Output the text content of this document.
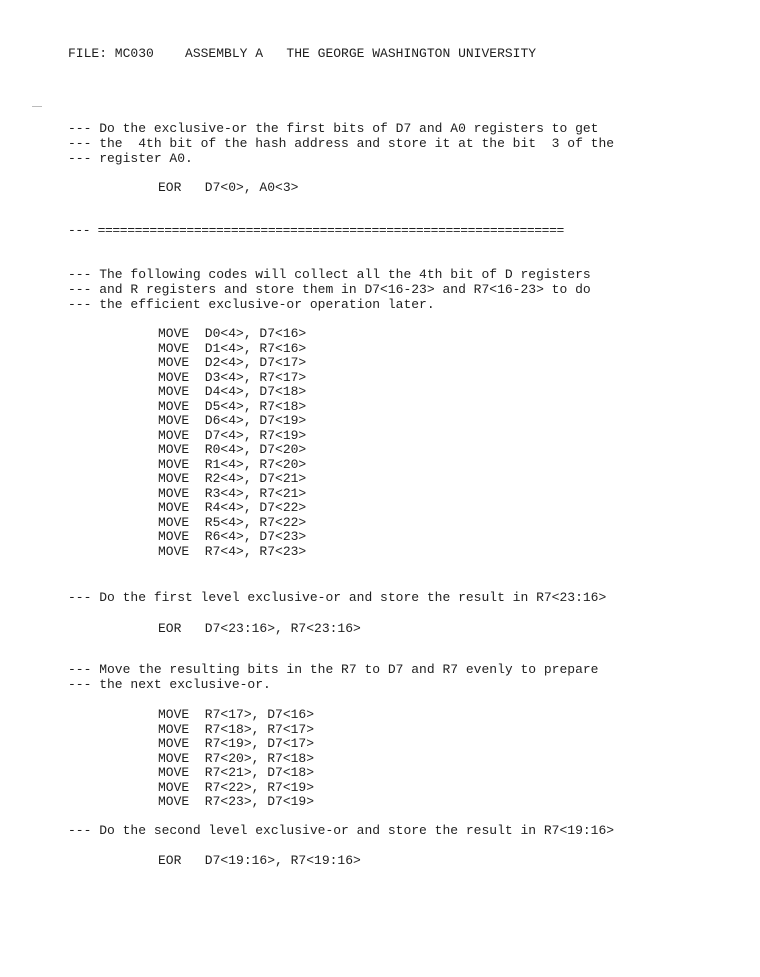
FILE: MC030    ASSEMBLY A   THE GEORGE WASHINGTON UNIVERSITY
--- Do the exclusive-or the first bits of D7 and A0 registers to get
--- the  4th bit of the hash address and store it at the bit  3 of the
--- register A0.
EOR   D7<0>, A0<3>
--- ===============================================================
--- The following codes will collect all the 4th bit of D registers
--- and R registers and store them in D7<16-23> and R7<16-23> to do
--- the efficient exclusive-or operation later.
MOVE  D0<4>, D7<16>
MOVE  D1<4>, R7<16>
MOVE  D2<4>, D7<17>
MOVE  D3<4>, R7<17>
MOVE  D4<4>, D7<18>
MOVE  D5<4>, R7<18>
MOVE  D6<4>, D7<19>
MOVE  D7<4>, R7<19>
MOVE  R0<4>, D7<20>
MOVE  R1<4>, R7<20>
MOVE  R2<4>, D7<21>
MOVE  R3<4>, R7<21>
MOVE  R4<4>, D7<22>
MOVE  R5<4>, R7<22>
MOVE  R6<4>, D7<23>
MOVE  R7<4>, R7<23>
--- Do the first level exclusive-or and store the result in R7<23:16>
EOR   D7<23:16>, R7<23:16>
--- Move the resulting bits in the R7 to D7 and R7 evenly to prepare
--- the next exclusive-or.
MOVE  R7<17>, D7<16>
MOVE  R7<18>, R7<17>
MOVE  R7<19>, D7<17>
MOVE  R7<20>, R7<18>
MOVE  R7<21>, D7<18>
MOVE  R7<22>, R7<19>
MOVE  R7<23>, D7<19>
--- Do the second level exclusive-or and store the result in R7<19:16>
EOR   D7<19:16>, R7<19:16>
